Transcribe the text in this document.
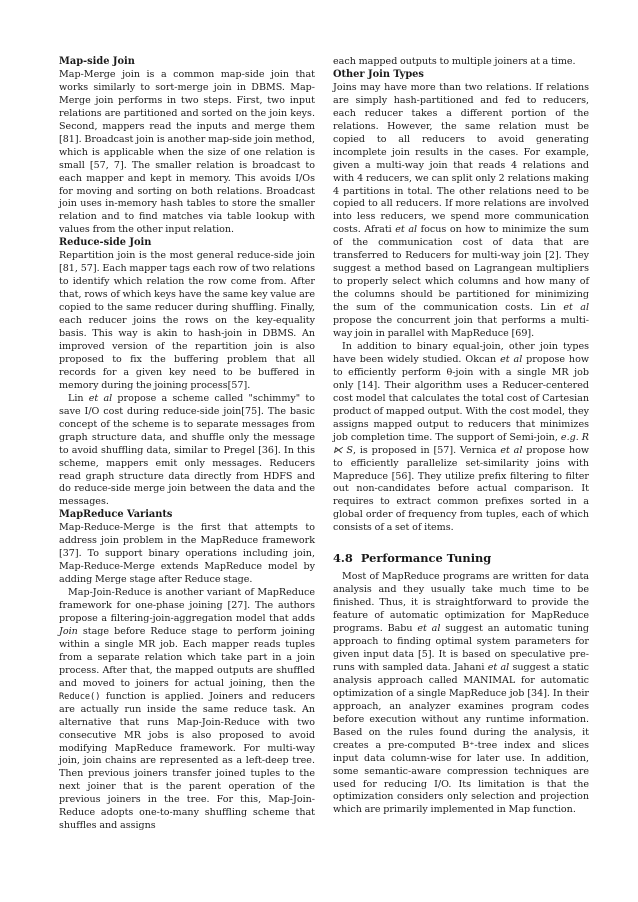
Map-side Join

Map-Merge join is a common map-side join that works similarly to sort-merge join in DBMS. Map-Merge join performs in two steps. First, two input relations are partitioned and sorted on the join keys. Second, mappers read the inputs and merge them [81]. Broadcast join is another map-side join method, which is applicable when the size of one relation is small [57, 7]. The smaller relation is broadcast to each mapper and kept in memory. This avoids I/Os for moving and sorting on both relations. Broadcast join uses in-memory hash tables to store the smaller relation and to find matches via table lookup with values from the other input relation.

Reduce-side Join

Repartition join is the most general reduce-side join [81, 57]. Each mapper tags each row of two relations to identify which relation the row come from. After that, rows of which keys have the same key value are copied to the same reducer during shuffling. Finally, each reducer joins the rows on the key-equality basis. This way is akin to hash-join in DBMS. An improved version of the repartition join is also proposed to fix the buffering problem that all records for a given key need to be buffered in memory during the joining process[57].

Lin et al propose a scheme called "schimmy" to save I/O cost during reduce-side join[75]. The basic concept of the scheme is to separate messages from graph structure data, and shuffle only the message to avoid shuffling data, similar to Pregel [36]. In this scheme, mappers emit only messages. Reducers read graph structure data directly from HDFS and do reduce-side merge join between the data and the messages.

MapReduce Variants

Map-Reduce-Merge is the first that attempts to address join problem in the MapReduce framework [37]. To support binary operations including join, Map-Reduce-Merge extends MapReduce model by adding Merge stage after Reduce stage.

Map-Join-Reduce is another variant of MapReduce framework for one-phase joining [27]. The authors propose a filtering-join-aggregation model that adds Join stage before Reduce stage to perform joining within a single MR job. Each mapper reads tuples from a separate relation which take part in a join process. After that, the mapped outputs are shuffled and moved to joiners for actual joining, then the Reduce() function is applied. Joiners and reducers are actually run inside the same reduce task. An alternative that runs Map-Join-Reduce with two consecutive MR jobs is also proposed to avoid modifying MapReduce framework. For multi-way join, join chains are represented as a left-deep tree. Then previous joiners transfer joined tuples to the next joiner that is the parent operation of the previous joiners in the tree. For this, Map-Join-Reduce adopts one-to-many shuffling scheme that shuffles and assigns

each mapped outputs to multiple joiners at a time.

Other Join Types

Joins may have more than two relations. If relations are simply hash-partitioned and fed to reducers, each reducer takes a different portion of the relations. However, the same relation must be copied to all reducers to avoid generating incomplete join results in the cases. For example, given a multi-way join that reads 4 relations and with 4 reducers, we can split only 2 relations making 4 partitions in total. The other relations need to be copied to all reducers. If more relations are involved into less reducers, we spend more communication costs. Afrati et al focus on how to minimize the sum of the communication cost of data that are transferred to Reducers for multi-way join [2]. They suggest a method based on Lagrangean multipliers to properly select which columns and how many of the columns should be partitioned for minimizing the sum of the communication costs. Lin et al propose the concurrent join that performs a multi-way join in parallel with MapReduce [69].

In addition to binary equal-join, other join types have been widely studied. Okcan et al propose how to efficiently perform θ-join with a single MR job only [14]. Their algorithm uses a Reducer-centered cost model that calculates the total cost of Cartesian product of mapped output. With the cost model, they assigns mapped output to reducers that minimizes job completion time. The support of Semi-join, e.g. R ⋉ S, is proposed in [57]. Vernica et al propose how to efficiently parallelize set-similarity joins with Mapreduce [56]. They utilize prefix filtering to filter out non-candidates before actual comparison. It requires to extract common prefixes sorted in a global order of frequency from tuples, each of which consists of a set of items.

4.8 Performance Tuning

Most of MapReduce programs are written for data analysis and they usually take much time to be finished. Thus, it is straightforward to provide the feature of automatic optimization for MapReduce programs. Babu et al suggest an automatic tuning approach to finding optimal system parameters for given input data [5]. It is based on speculative pre-runs with sampled data. Jahani et al suggest a static analysis approach called MANIMAL for automatic optimization of a single MapReduce job [34]. In their approach, an analyzer examines program codes before execution without any runtime information. Based on the rules found during the analysis, it creates a pre-computed B⁺-tree index and slices input data column-wise for later use. In addition, some semantic-aware compression techniques are used for reducing I/O. Its limitation is that the optimization considers only selection and projection which are primarily implemented in Map function.
